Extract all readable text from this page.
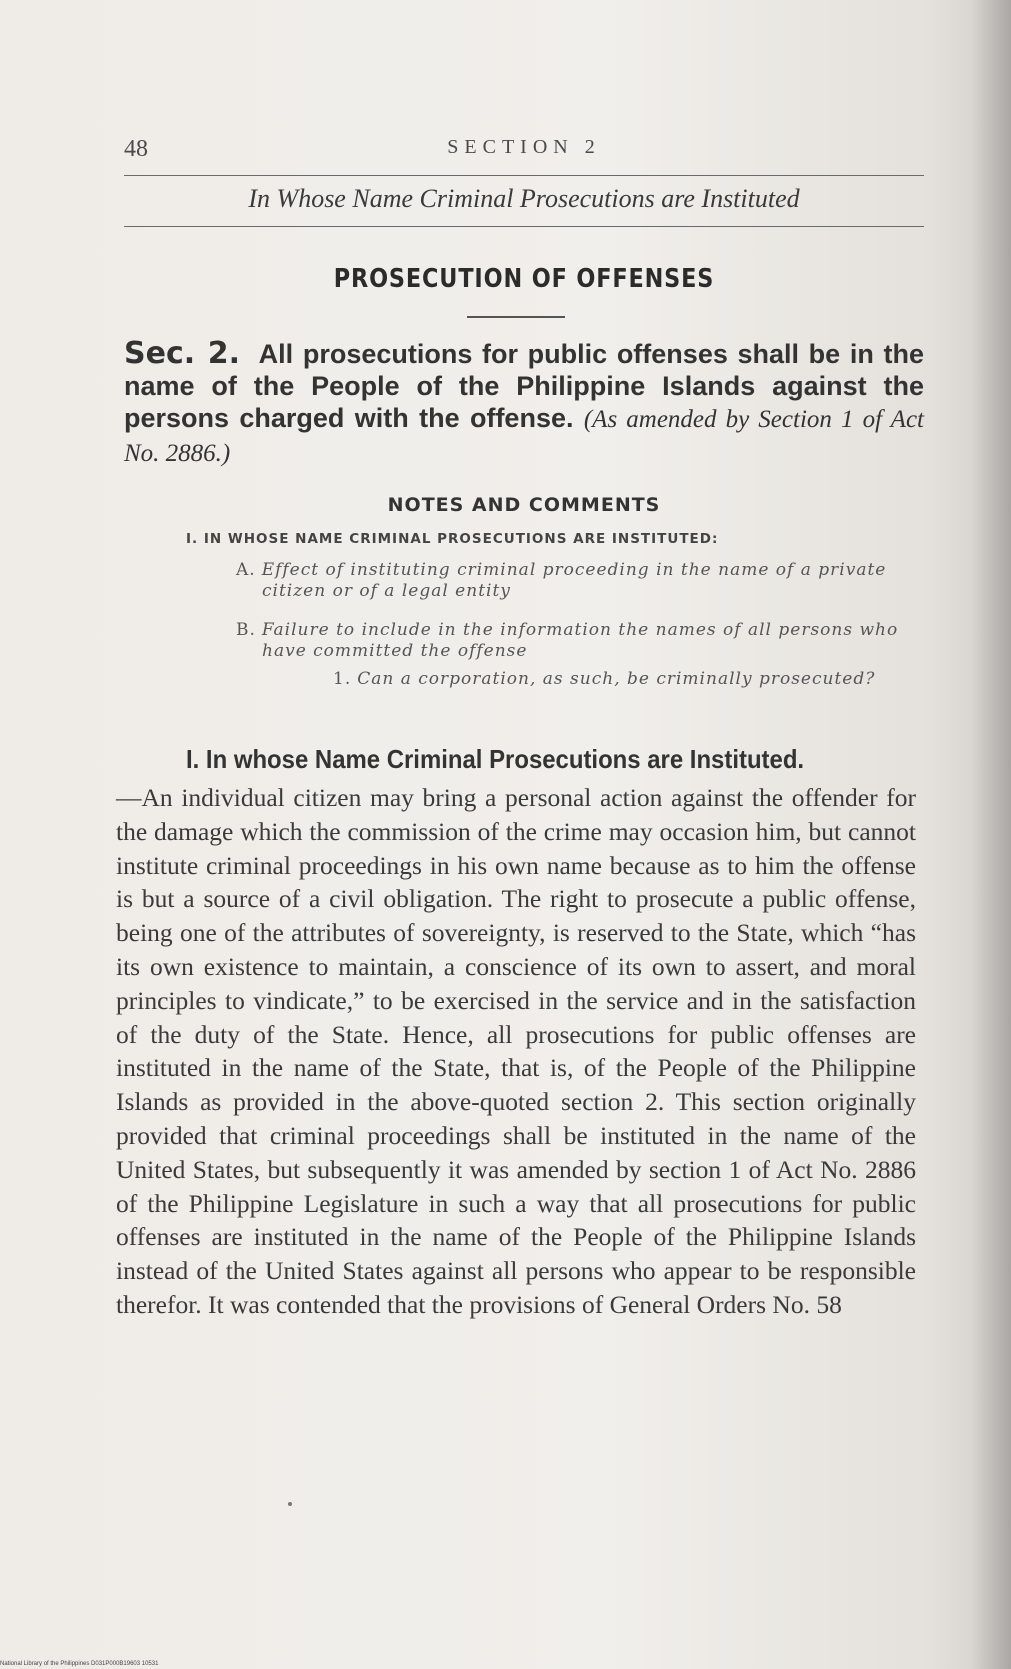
48	SECTION 2
In Whose Name Criminal Prosecutions are Instituted
PROSECUTION OF OFFENSES
Sec. 2. All prosecutions for public offenses shall be in the name of the People of the Philippine Islands against the persons charged with the offense. (As amended by Section 1 of Act No. 2886.)
NOTES AND COMMENTS
I. IN WHOSE NAME CRIMINAL PROSECUTIONS ARE INSTITUTED:
A. Effect of instituting criminal proceeding in the name of a private citizen or of a legal entity
B. Failure to include in the information the names of all persons who have committed the offense
1. Can a corporation, as such, be criminally prosecuted?
I. In whose Name Criminal Prosecutions are Instituted.
—An individual citizen may bring a personal action against the offender for the damage which the commission of the crime may occasion him, but cannot institute criminal proceedings in his own name because as to him the offense is but a source of a civil obligation. The right to prosecute a public offense, being one of the attributes of sovereignty, is reserved to the State, which “has its own existence to maintain, a conscience of its own to assert, and moral principles to vindicate,” to be exercised in the service and in the satisfaction of the duty of the State. Hence, all prosecutions for public offenses are instituted in the name of the State, that is, of the People of the Philippine Islands as provided in the above-quoted section 2. This section originally provided that criminal proceedings shall be instituted in the name of the United States, but subsequently it was amended by section 1 of Act No. 2886 of the Philippine Legislature in such a way that all prosecutions for public offenses are instituted in the name of the People of the Philippine Islands instead of the United States against all persons who appear to be responsible therefor. It was contended that the provisions of General Orders No. 58
National Library of the Philippines D031P000B19603 10531
